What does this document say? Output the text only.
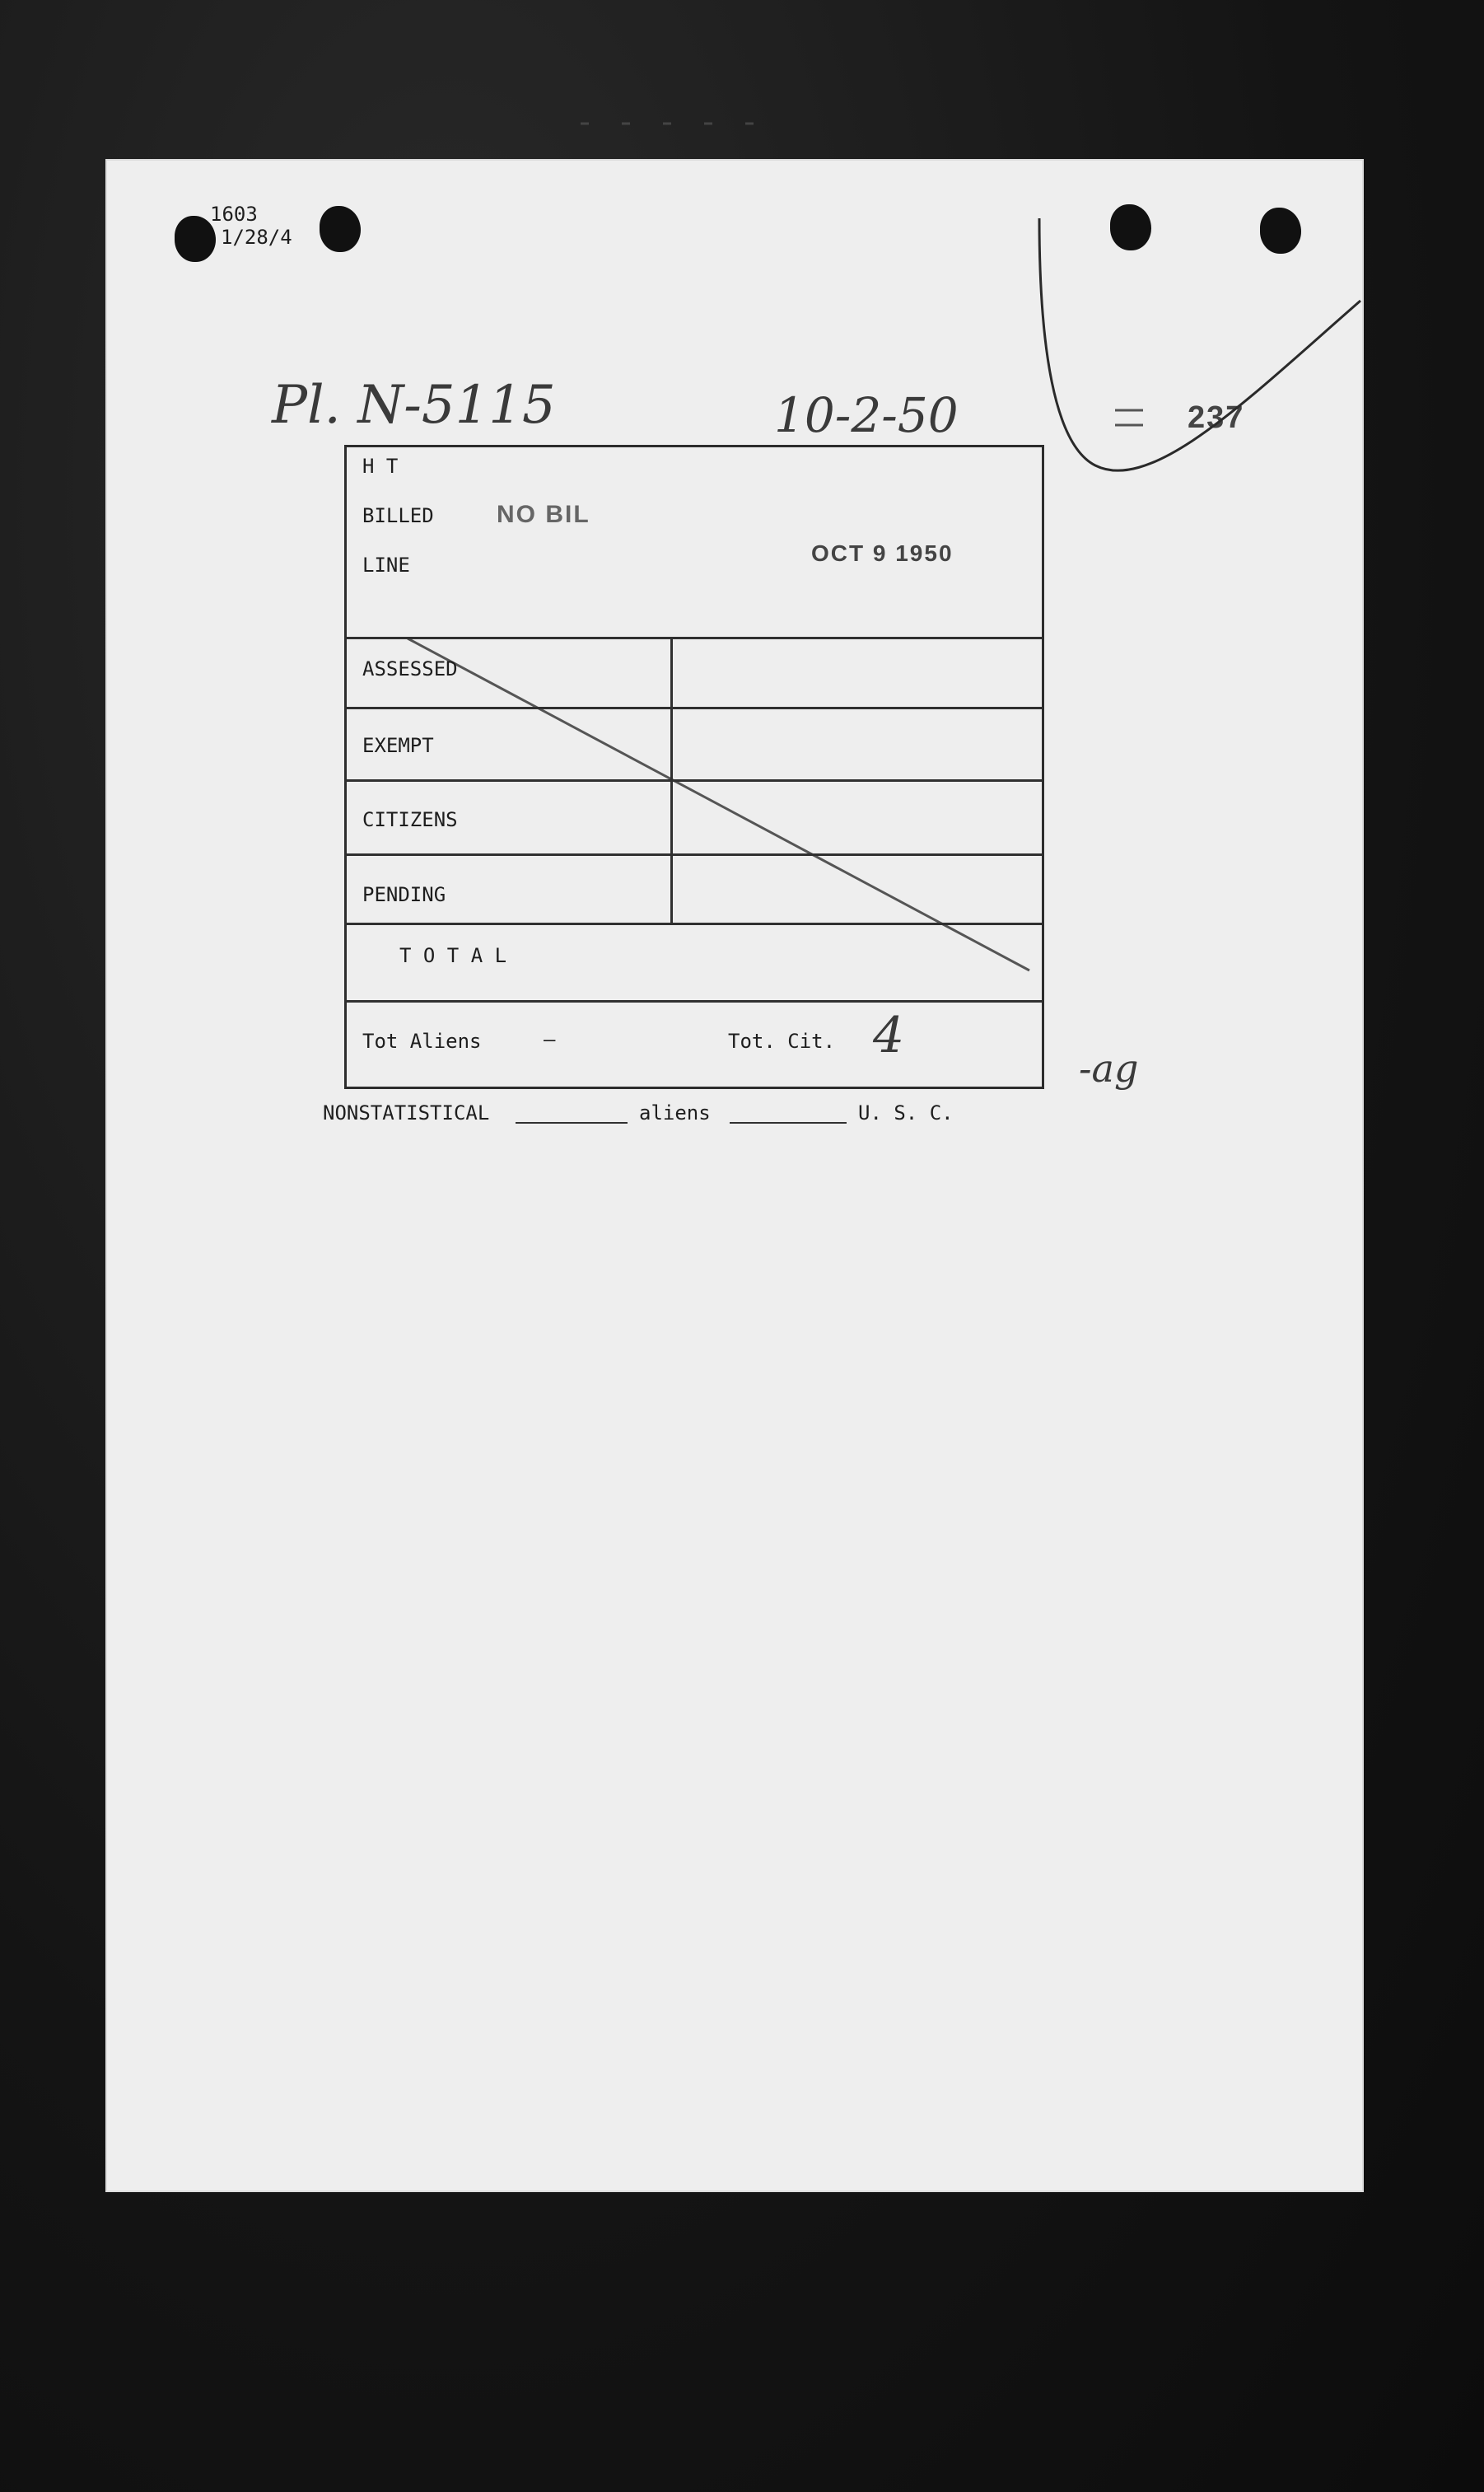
1603
1/28/4
Pl. N-5115	10-2-50	237
-ag
H T
BILLED	NO BIL
LINE	OCT 9 1950
ASSESSED
EXEMPT
CITIZENS
PENDING
T O T A L
Tot Aliens	—	Tot. Cit. 4
NONSTATISTICAL	aliens	U. S. C.
